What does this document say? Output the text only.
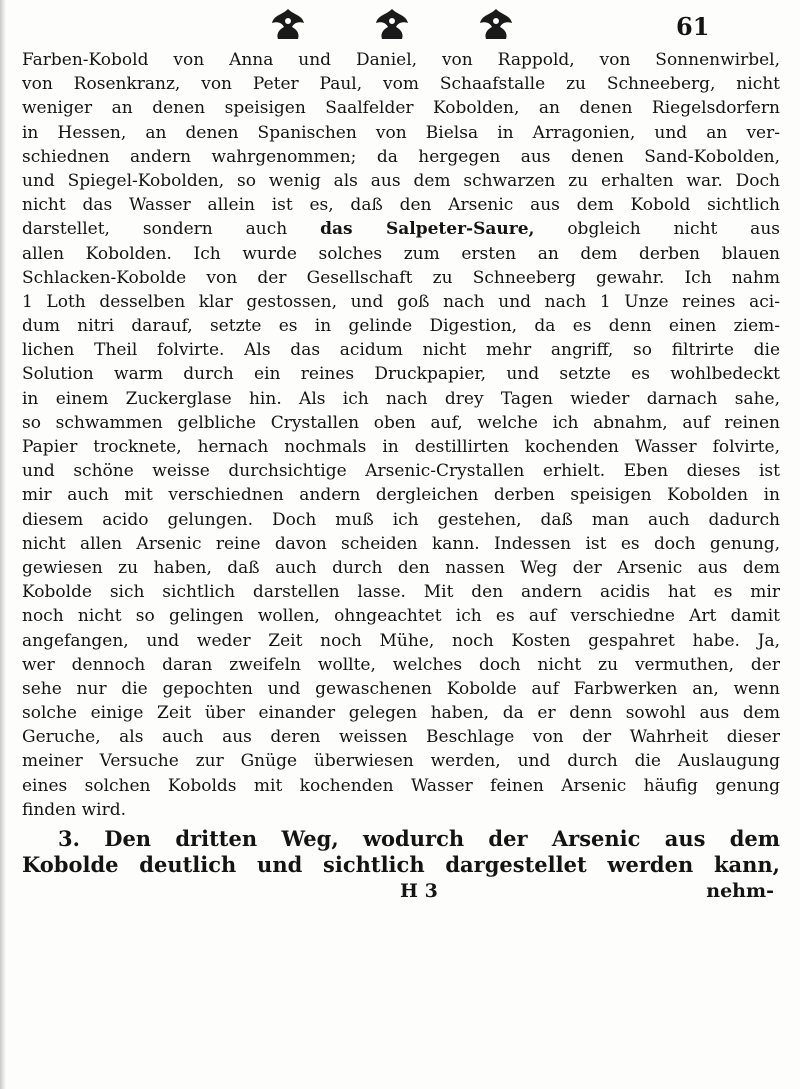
61
Farben-Kobold von Anna und Daniel, von Rappold, von Sonnenwirbel,
von Rosenkranz, von Peter Paul, vom Schaafstalle zu Schneeberg, nicht
weniger an denen speisigen Saalfelder Kobolden, an denen Riegelsdorfern
in Hessen, an denen Spanischen von Bielsa in Arragonien, und an ver-
schiednen andern wahrgenommen; da hergegen aus denen Sand-Kobolden,
und Spiegel-Kobolden, so wenig als aus dem schwarzen zu erhalten war. Doch
nicht das Wasser allein ist es, daß den Arsenic aus dem Kobold sichtlich
darstellet, sondern auch das Salpeter-Saure, obgleich nicht aus
allen Kobolden. Ich wurde solches zum ersten an dem derben blauen
Schlacken-Kobolde von der Gesellschaft zu Schneeberg gewahr. Ich nahm
1 Loth desselben klar gestossen, und goß nach und nach 1 Unze reines aci-
dum nitri darauf, setzte es in gelinde Digestion, da es denn einen ziem-
lichen Theil folvirte. Als das acidum nicht mehr angriff, so filtrirte die
Solution warm durch ein reines Druckpapier, und setzte es wohlbedeckt
in einem Zuckerglase hin. Als ich nach drey Tagen wieder darnach sahe,
so schwammen gelbliche Crystallen oben auf, welche ich abnahm, auf reinen
Papier trocknete, hernach nochmals in destillirten kochenden Wasser folvirte,
und schöne weisse durchsichtige Arsenic-Crystallen erhielt. Eben dieses ist
mir auch mit verschiednen andern dergleichen derben speisigen Kobolden in
diesem acido gelungen. Doch muß ich gestehen, daß man auch dadurch
nicht allen Arsenic reine davon scheiden kann. Indessen ist es doch genung,
gewiesen zu haben, daß auch durch den nassen Weg der Arsenic aus dem
Kobolde sich sichtlich darstellen lasse. Mit den andern acidis hat es mir
noch nicht so gelingen wollen, ohngeachtet ich es auf verschiedne Art damit
angefangen, und weder Zeit noch Mühe, noch Kosten gespahret habe. Ja,
wer dennoch daran zweifeln wollte, welches doch nicht zu vermuthen, der
sehe nur die gepochten und gewaschenen Kobolde auf Farbwerken an, wenn
solche einige Zeit über einander gelegen haben, da er denn sowohl aus dem
Geruche, als auch aus deren weissen Beschlage von der Wahrheit dieser
meiner Versuche zur Gnüge überwiesen werden, und durch die Auslaugung
eines solchen Kobolds mit kochenden Wasser feinen Arsenic häufig genung
finden wird.
3. Den dritten Weg, wodurch der Arsenic aus dem
Kobolde deutlich und sichtlich dargestellet werden kann,
H 3	nehm-
